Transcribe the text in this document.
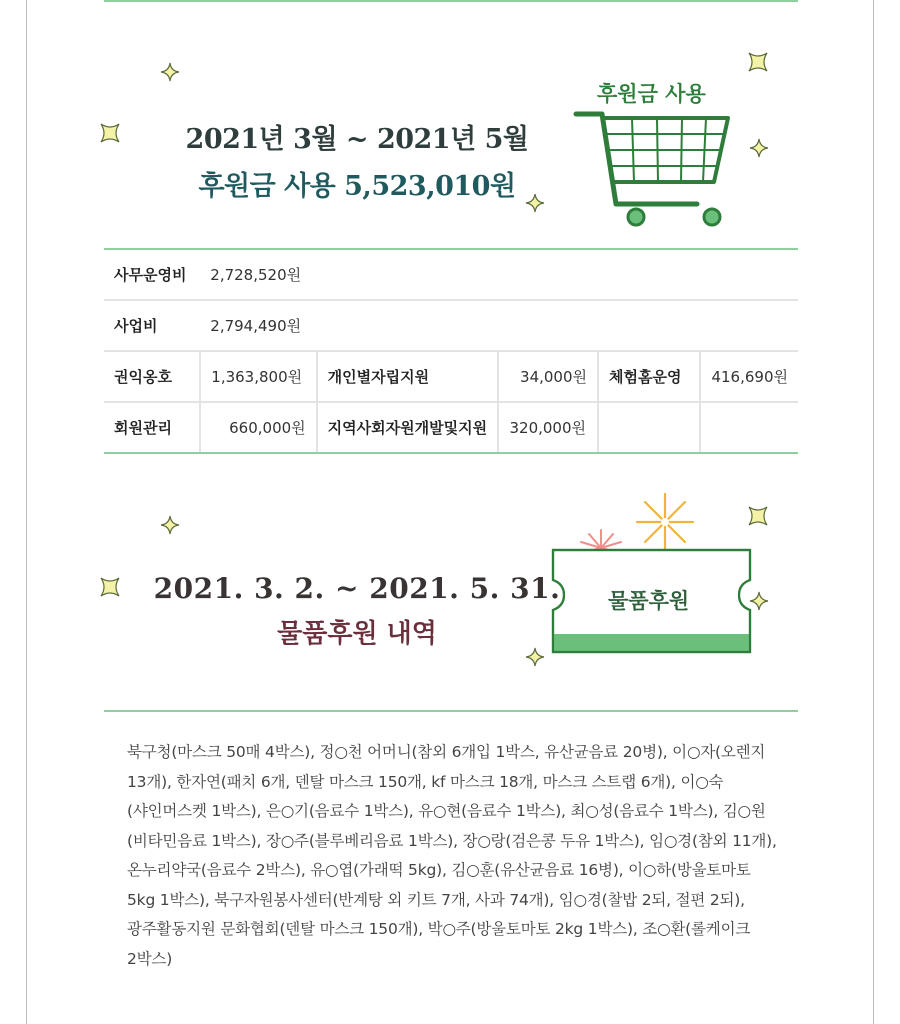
2021년 3월 ~ 2021년 5월
후원금 사용 5,523,010원
후원금 사용
사무운영비	2,728,520원				
사업비	2,794,490원				
권익옹호	1,363,800원	개인별자립지원	34,000원	체험홈운영	416,690원
회원관리	660,000원	지역사회자원개발및지원	320,000원		
2021. 3. 2. ~ 2021. 5. 31.
물품후원 내역
물품후원
북구청(마스크 50매 4박스), 정○천 어머니(참외 6개입 1박스, 유산균음료 20병), 이○자(오렌지 13개), 한자연(패치 6개, 덴탈 마스크 150개, kf 마스크 18개, 마스크 스트랩 6개), 이○숙(샤인머스켓 1박스), 은○기(음료수 1박스), 유○현(음료수 1박스), 최○성(음료수 1박스), 김○원(비타민음료 1박스), 장○주(블루베리음료 1박스), 장○랑(검은콩 두유 1박스), 임○경(참외 11개), 온누리약국(음료수 2박스), 유○엽(가래떡 5kg), 김○훈(유산균음료 16병), 이○하(방울토마토 5kg 1박스), 북구자원봉사센터(반계탕 외 키트 7개, 사과 74개), 임○경(찰밥 2되, 절편 2되), 광주활동지원 문화협회(덴탈 마스크 150개), 박○주(방울토마토 2kg 1박스), 조○환(롤케이크 2박스)
